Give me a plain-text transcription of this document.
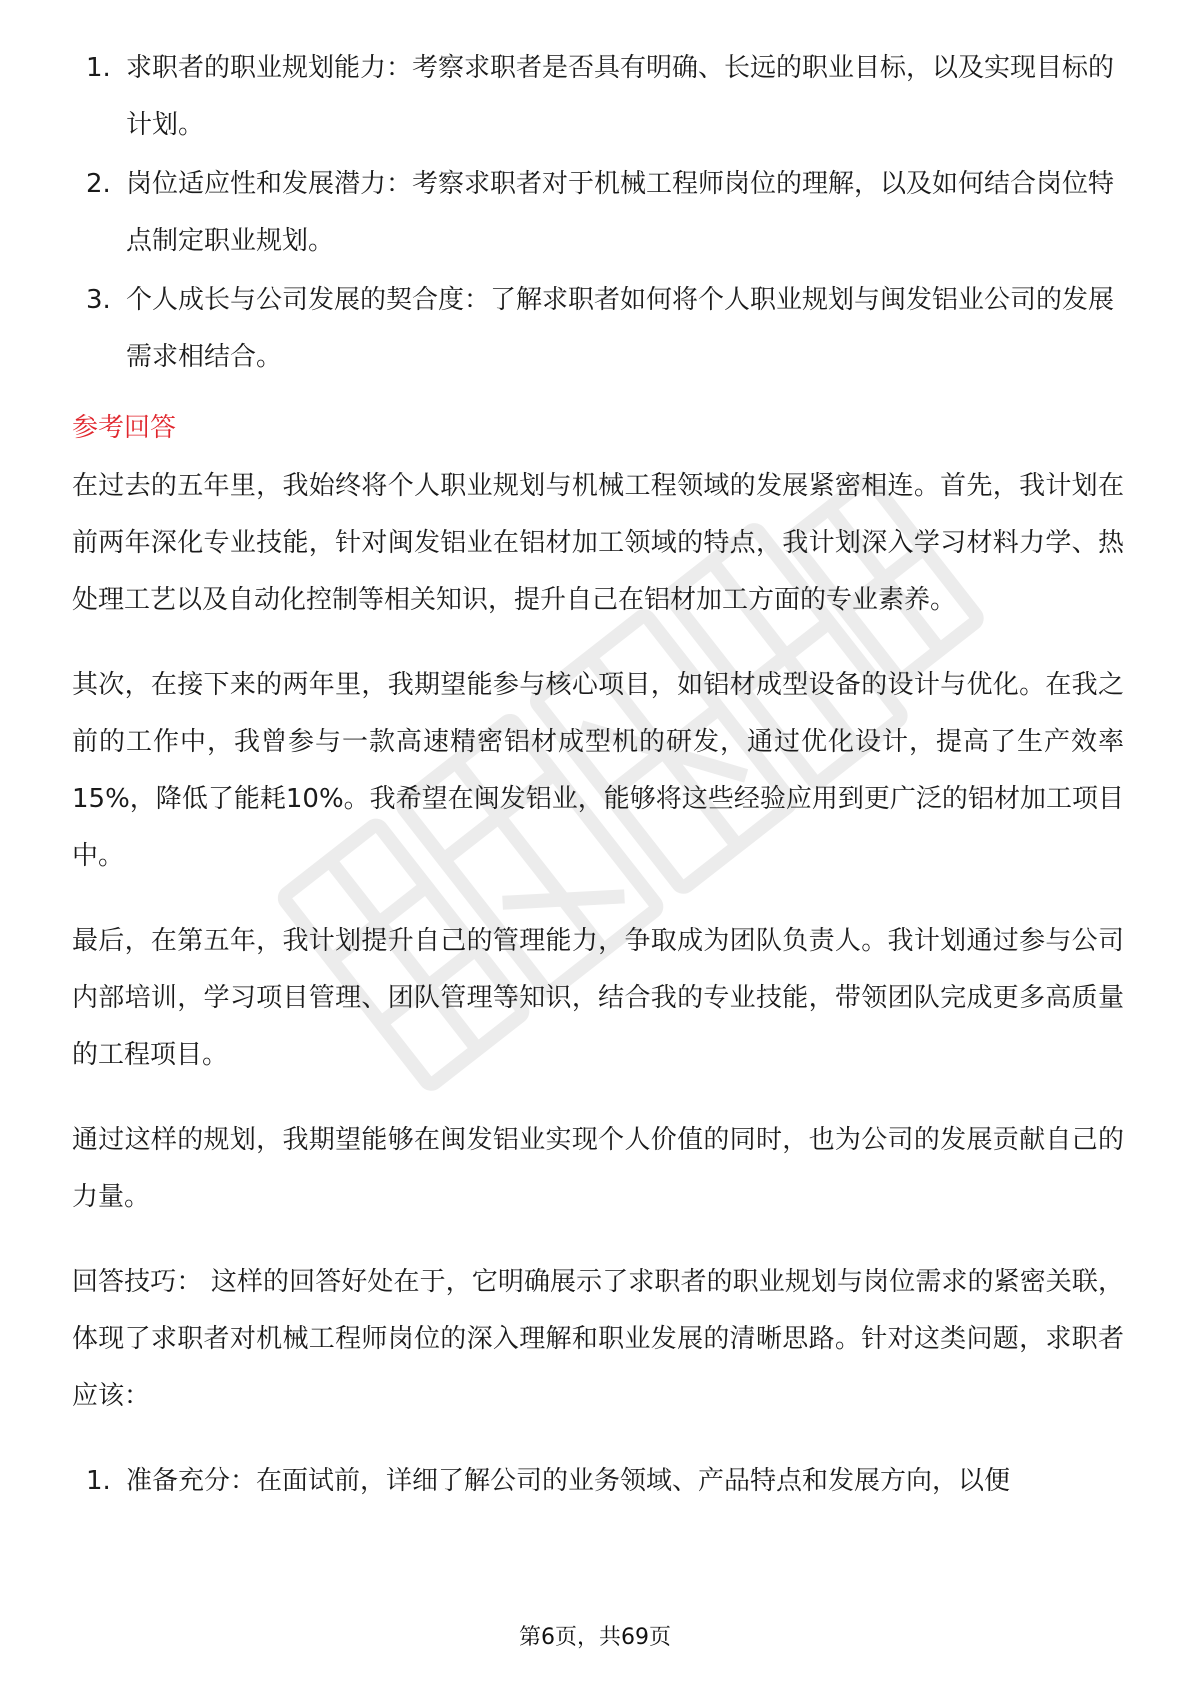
1. 求职者的职业规划能力：考察求职者是否具有明确、长远的职业目标，以及实现目标的计划。
2. 岗位适应性和发展潜力：考察求职者对于机械工程师岗位的理解，以及如何结合岗位特点制定职业规划。
3. 个人成长与公司发展的契合度：了解求职者如何将个人职业规划与闽发铝业公司的发展需求相结合。
参考回答

在过去的五年里，我始终将个人职业规划与机械工程领域的发展紧密相连。首先，我计划在前两年深化专业技能，针对闽发铝业在铝材加工领域的特点，我计划深入学习材料力学、热处理工艺以及自动化控制等相关知识，提升自己在铝材加工方面的专业素养。

其次，在接下来的两年里，我期望能参与核心项目，如铝材成型设备的设计与优化。在我之前的工作中，我曾参与一款高速精密铝材成型机的研发，通过优化设计，提高了生产效率15%，降低了能耗10%。我希望在闽发铝业，能够将这些经验应用到更广泛的铝材加工项目中。

最后，在第五年，我计划提升自己的管理能力，争取成为团队负责人。我计划通过参与公司内部培训，学习项目管理、团队管理等知识，结合我的专业技能，带领团队完成更多高质量的工程项目。

通过这样的规划，我期望能够在闽发铝业实现个人价值的同时，也为公司的发展贡献自己的力量。

回答技巧： 这样的回答好处在于，它明确展示了求职者的职业规划与岗位需求的紧密关联，体现了求职者对机械工程师岗位的深入理解和职业发展的清晰思路。针对这类问题，求职者应该：

1. 准备充分：在面试前，详细了解公司的业务领域、产品特点和发展方向，以便
第6页，共69页
